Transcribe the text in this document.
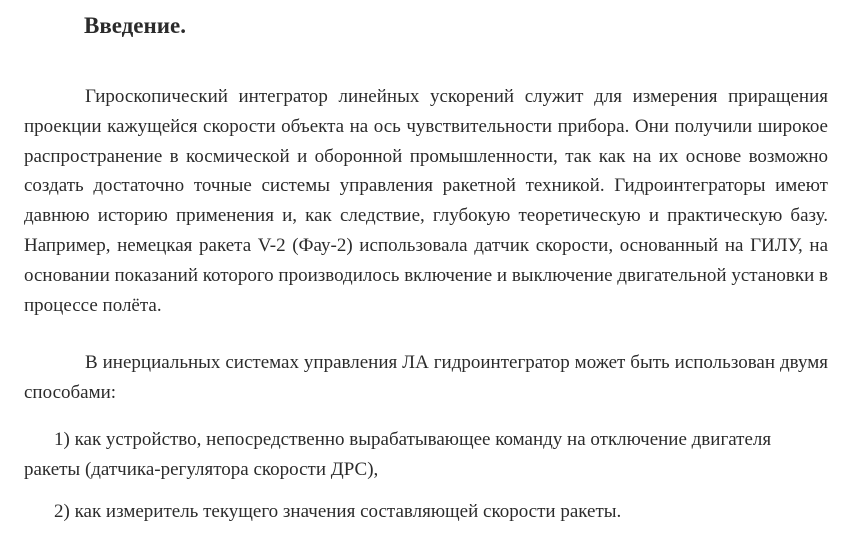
Введение.

Гироскопический интегратор линейных ускорений служит для измерения приращения проекции кажущейся скорости объекта на ось чувствительности прибора. Они получили широкое распространение в космической и оборонной промышленности, так как на их основе возможно создать достаточно точные системы управления ракетной техникой. Гидроинтеграторы имеют давнюю историю применения и, как следствие, глубокую теоретическую и практическую базу. Например, немецкая ракета V-2 (Фау-2) использовала датчик скорости, основанный на ГИЛУ, на основании показаний которого производилось включение и выключение двигательной установки в процессе полёта.

В инерциальных системах управления ЛА гидроинтегратор может быть использован двумя способами:

1) как устройство, непосредственно вырабатывающее команду на отключение двигателя ракеты (датчика-регулятора скорости ДРС),

2) как измеритель текущего значения составляющей скорости ракеты.
